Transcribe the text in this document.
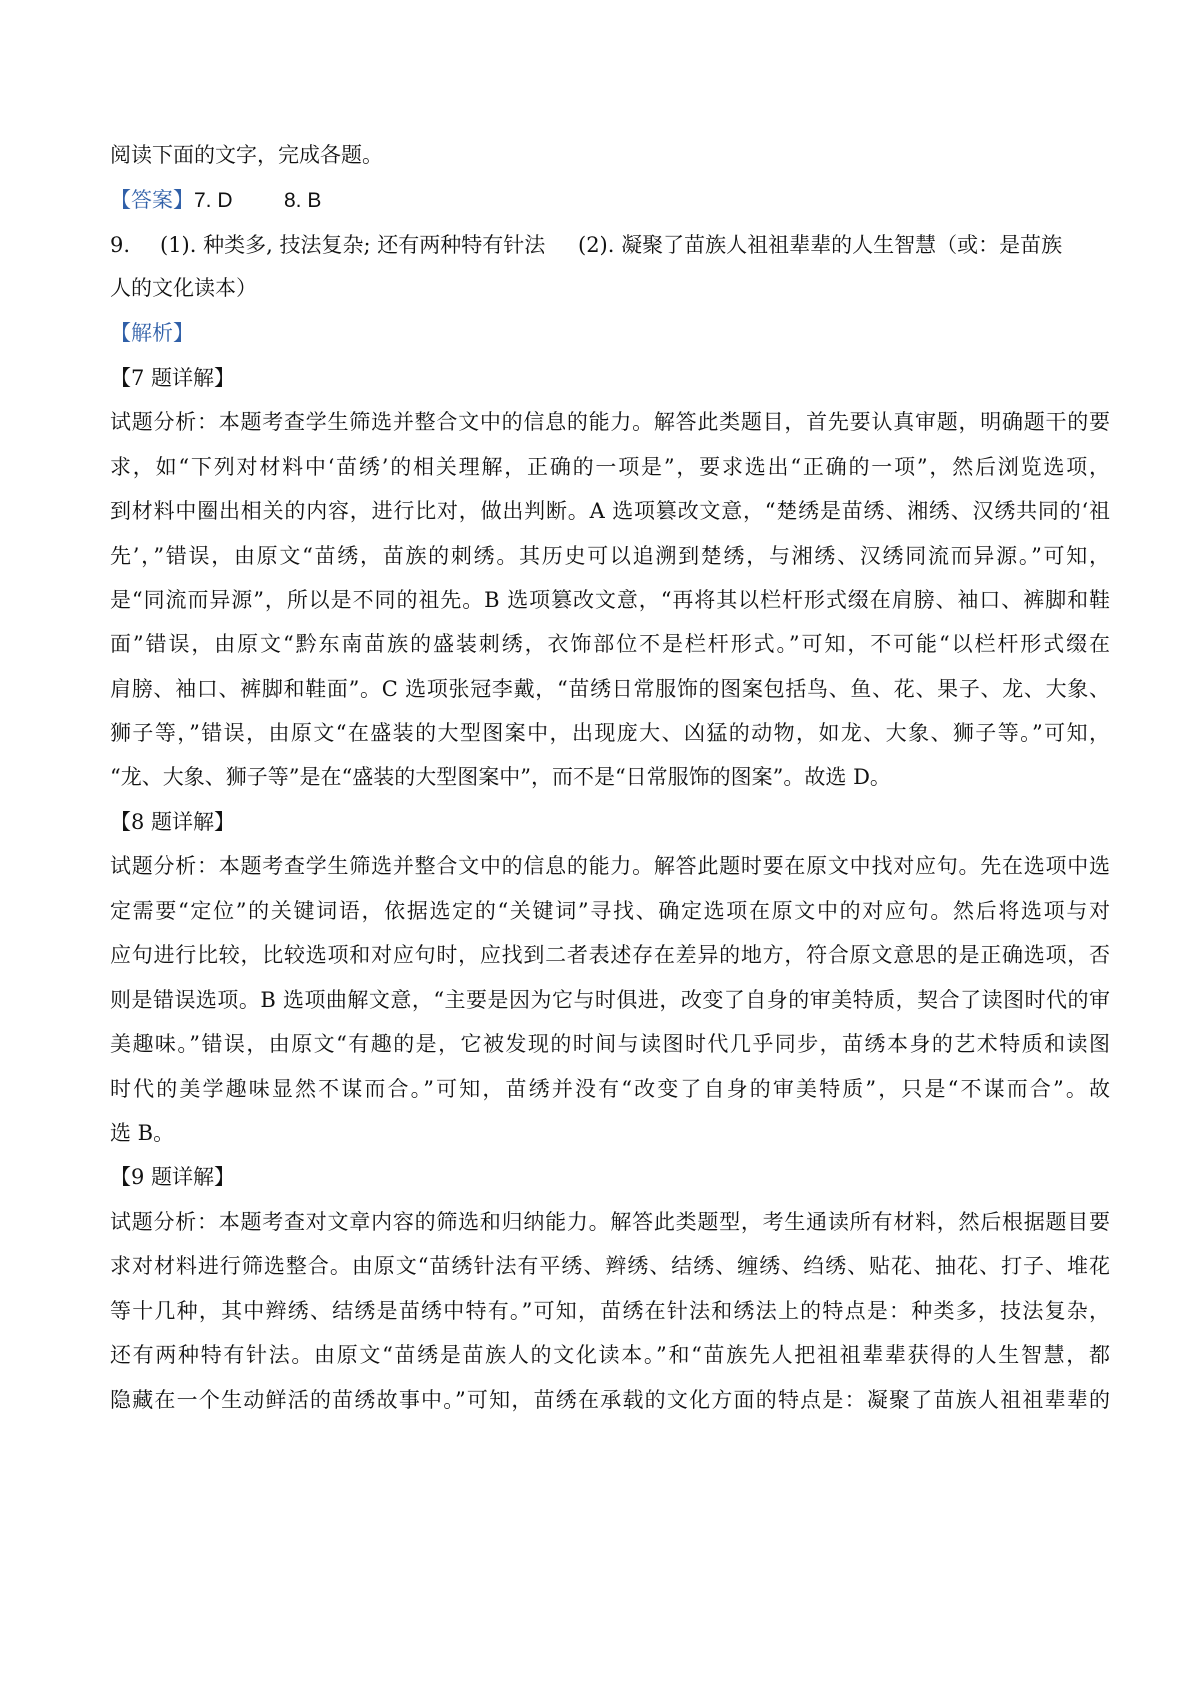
阅读下面的文字，完成各题。
【答案】7. D 8. B
9. (1). 种类多, 技法复杂; 还有两种特有针法 (2). 凝聚了苗族人祖祖辈辈的人生智慧（或：是苗族
人的文化读本）
【解析】
【7 题详解】
试题分析：本题考查学生筛选并整合文中的信息的能力。解答此类题目，首先要认真审题，明确题干的要
求，如“下列对材料中‘苗绣’的相关理解，正确的一项是”，要求选出“正确的一项”，然后浏览选项，
到材料中圈出相关的内容，进行比对，做出判断。A 选项篡改文意，“楚绣是苗绣、湘绣、汉绣共同的‘祖
先’，”错误，由原文“苗绣，苗族的刺绣。其历史可以追溯到楚绣，与湘绣、汉绣同流而异源。”可知，
是“同流而异源”，所以是不同的祖先。B 选项篡改文意，“再将其以栏杆形式缀在肩膀、袖口、裤脚和鞋
面”错误，由原文“黔东南苗族的盛装刺绣，衣饰部位不是栏杆形式。”可知，不可能“以栏杆形式缀在
肩膀、袖口、裤脚和鞋面”。C 选项张冠李戴，“苗绣日常服饰的图案包括鸟、鱼、花、果子、龙、大象、
狮子等，”错误，由原文“在盛装的大型图案中，出现庞大、凶猛的动物，如龙、大象、狮子等。”可知，
“龙、大象、狮子等”是在“盛装的大型图案中”，而不是“日常服饰的图案”。故选 D。
【8 题详解】
试题分析：本题考查学生筛选并整合文中的信息的能力。解答此题时要在原文中找对应句。先在选项中选
定需要“定位”的关键词语，依据选定的“关键词”寻找、确定选项在原文中的对应句。然后将选项与对
应句进行比较，比较选项和对应句时，应找到二者表述存在差异的地方，符合原文意思的是正确选项，否
则是错误选项。B 选项曲解文意，“主要是因为它与时俱进，改变了自身的审美特质，契合了读图时代的审
美趣味。”错误，由原文“有趣的是，它被发现的时间与读图时代几乎同步，苗绣本身的艺术特质和读图
时代的美学趣味显然不谋而合。”可知，苗绣并没有“改变了自身的审美特质”，只是“不谋而合”。故
选 B。
【9 题详解】
试题分析：本题考查对文章内容的筛选和归纳能力。解答此类题型，考生通读所有材料，然后根据题目要
求对材料进行筛选整合。由原文“苗绣针法有平绣、辫绣、结绣、缠绣、绉绣、贴花、抽花、打子、堆花
等十几种，其中辫绣、结绣是苗绣中特有。”可知，苗绣在针法和绣法上的特点是：种类多，技法复杂，
还有两种特有针法。由原文“苗绣是苗族人的文化读本。”和“苗族先人把祖祖辈辈获得的人生智慧，都
隐藏在一个生动鲜活的苗绣故事中。”可知，苗绣在承载的文化方面的特点是：凝聚了苗族人祖祖辈辈的
